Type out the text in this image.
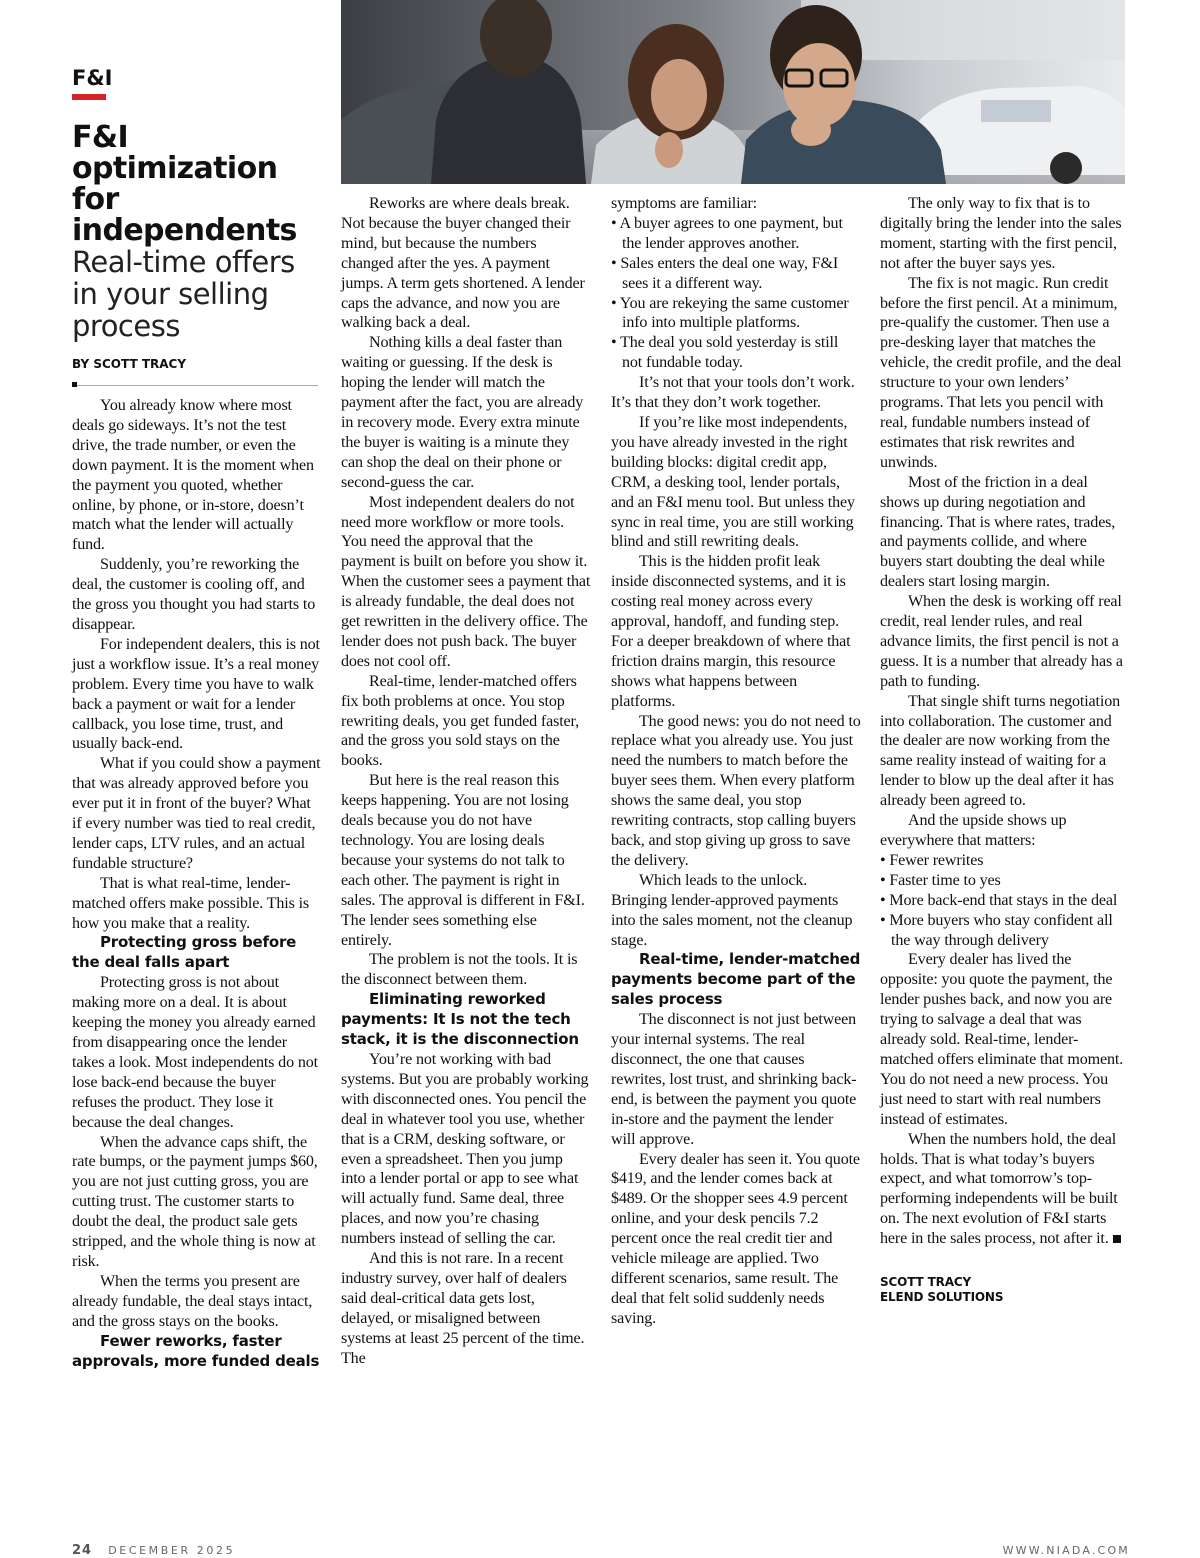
F&I
F&I optimization for independents
Real-time offers in your selling process
BY SCOTT TRACY

You already know where most deals go sideways. It’s not the test drive, the trade number, or even the down payment. It is the moment when the payment you quoted, whether online, by phone, or in-store, doesn’t match what the lender will actually fund.

Suddenly, you’re reworking the deal, the customer is cooling off, and the gross you thought you had starts to disappear.

For independent dealers, this is not just a workflow issue. It’s a real money problem. Every time you have to walk back a payment or wait for a lender callback, you lose time, trust, and usually back-end.

What if you could show a payment that was already approved before you ever put it in front of the buyer? What if every number was tied to real credit, lender caps, LTV rules, and an actual fundable structure?

That is what real-time, lender-matched offers make possible. This is how you make that a reality.

Protecting gross before the deal falls apart

Protecting gross is not about making more on a deal. It is about keeping the money you already earned from disappearing once the lender takes a look. Most independents do not lose back-end because the buyer refuses the product. They lose it because the deal changes.

When the advance caps shift, the rate bumps, or the payment jumps $60, you are not just cutting gross, you are cutting trust. The customer starts to doubt the deal, the product sale gets stripped, and the whole thing is now at risk.

When the terms you present are already fundable, the deal stays intact, and the gross stays on the books.

Fewer reworks, faster approvals, more funded deals

Reworks are where deals break. Not because the buyer changed their mind, but because the numbers changed after the yes. A payment jumps. A term gets shortened. A lender caps the advance, and now you are walking back a deal.

Nothing kills a deal faster than waiting or guessing. If the desk is hoping the lender will match the payment after the fact, you are already in recovery mode. Every extra minute the buyer is waiting is a minute they can shop the deal on their phone or second-guess the car.

Most independent dealers do not need more workflow or more tools. You need the approval that the payment is built on before you show it. When the customer sees a payment that is already fundable, the deal does not get rewritten in the delivery office. The lender does not push back. The buyer does not cool off.

Real-time, lender-matched offers fix both problems at once. You stop rewriting deals, you get funded faster, and the gross you sold stays on the books.

But here is the real reason this keeps happening. You are not losing deals because you do not have technology. You are losing deals because your systems do not talk to each other. The payment is right in sales. The approval is different in F&I. The lender sees something else entirely.

The problem is not the tools. It is the disconnect between them.

Eliminating reworked payments: It Is not the tech stack, it is the disconnection

You’re not working with bad systems. But you are probably working with disconnected ones. You pencil the deal in whatever tool you use, whether that is a CRM, desking software, or even a spreadsheet. Then you jump into a lender portal or app to see what will actually fund. Same deal, three places, and now you’re chasing numbers instead of selling the car.

And this is not rare. In a recent industry survey, over half of dealers said deal-critical data gets lost, delayed, or misaligned between systems at least 25 percent of the time. The

symptoms are familiar:

• A buyer agrees to one payment, but the lender approves another.
• Sales enters the deal one way, F&I sees it a different way.
• You are rekeying the same customer info into multiple platforms.
• The deal you sold yesterday is still not fundable today.

It’s not that your tools don’t work. It’s that they don’t work together.

If you’re like most independents, you have already invested in the right building blocks: digital credit app, CRM, a desking tool, lender portals, and an F&I menu tool. But unless they sync in real time, you are still working blind and still rewriting deals.

This is the hidden profit leak inside disconnected systems, and it is costing real money across every approval, handoff, and funding step. For a deeper breakdown of where that friction drains margin, this resource shows what happens between platforms.

The good news: you do not need to replace what you already use. You just need the numbers to match before the buyer sees them. When every platform shows the same deal, you stop rewriting contracts, stop calling buyers back, and stop giving up gross to save the delivery.

Which leads to the unlock. Bringing lender-approved payments into the sales moment, not the cleanup stage.

Real-time, lender-matched payments become part of the sales process

The disconnect is not just between your internal systems. The real disconnect, the one that causes rewrites, lost trust, and shrinking back-end, is between the payment you quote in-store and the payment the lender will approve.

Every dealer has seen it. You quote $419, and the lender comes back at $489. Or the shopper sees 4.9 percent online, and your desk pencils 7.2 percent once the real credit tier and vehicle mileage are applied. Two different scenarios, same result. The deal that felt solid suddenly needs saving.

The only way to fix that is to digitally bring the lender into the sales moment, starting with the first pencil, not after the buyer says yes.

The fix is not magic. Run credit before the first pencil. At a minimum, pre-qualify the customer. Then use a pre-desking layer that matches the vehicle, the credit profile, and the deal structure to your own lenders’ programs. That lets you pencil with real, fundable numbers instead of estimates that risk rewrites and unwinds.

Most of the friction in a deal shows up during negotiation and financing. That is where rates, trades, and payments collide, and where buyers start doubting the deal while dealers start losing margin.

When the desk is working off real credit, real lender rules, and real advance limits, the first pencil is not a guess. It is a number that already has a path to funding.

That single shift turns negotiation into collaboration. The customer and the dealer are now working from the same reality instead of waiting for a lender to blow up the deal after it has already been agreed to.

And the upside shows up everywhere that matters:

• Fewer rewrites
• Faster time to yes
• More back-end that stays in the deal
• More buyers who stay confident all the way through delivery

Every dealer has lived the opposite: you quote the payment, the lender pushes back, and now you are trying to salvage a deal that was already sold. Real-time, lender-matched offers eliminate that moment. You do not need a new process. You just need to start with real numbers instead of estimates.

When the numbers hold, the deal holds. That is what today’s buyers expect, and what tomorrow’s top-performing independents will be built on. The next evolution of F&I starts here in the sales process, not after it.

SCOTT TRACY
ELEND SOLUTIONS
24 DECEMBER 2025	WWW.NIADA.COM
